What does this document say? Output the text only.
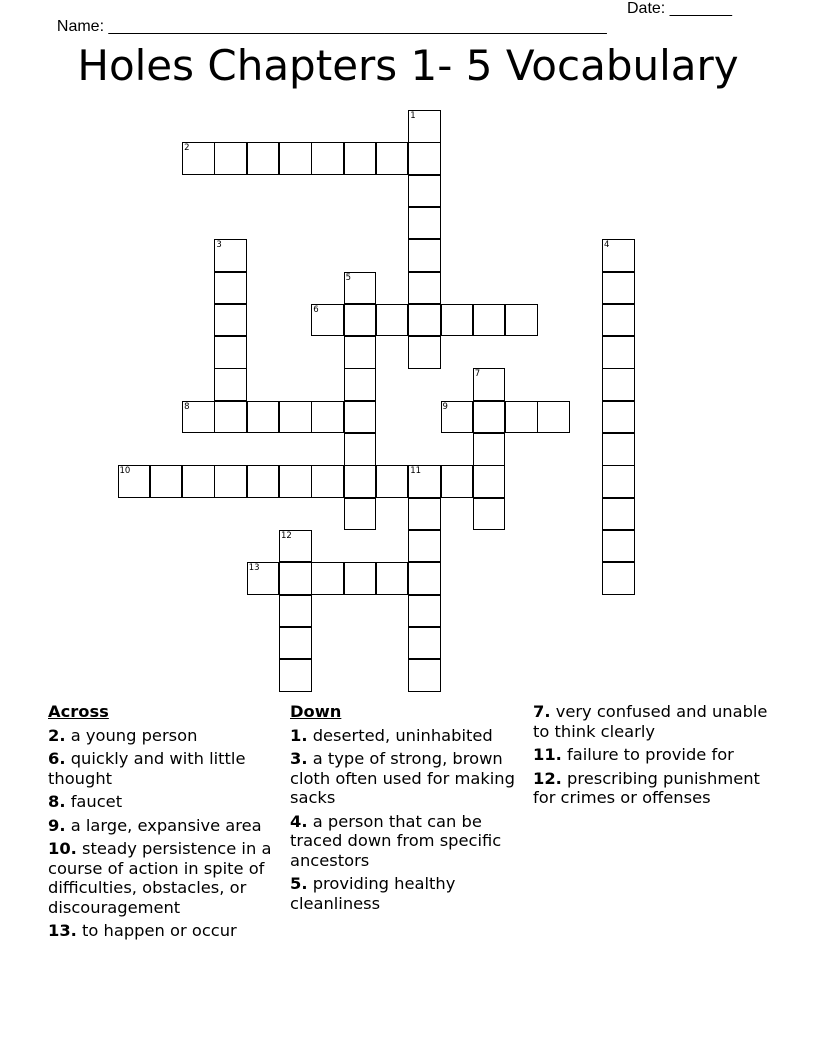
Name: ________________________________________________________

Date: _______

Holes Chapters 1- 5 Vocabulary
1
2
3	4
5
6
7
8	9
10	11
12
13
Across
2. a young person
6. quickly and with little thought
8. faucet
9. a large, expansive area
10. steady persistence in a course of action in spite of difficulties, obstacles, or discouragement
13. to happen or occur
Down
1. deserted, uninhabited
3. a type of strong, brown cloth often used for making sacks
4. a person that can be traced down from specific ancestors
5. providing healthy cleanliness
7. very confused and unable to think clearly
11. failure to provide for
12. prescribing punishment for crimes or offenses
